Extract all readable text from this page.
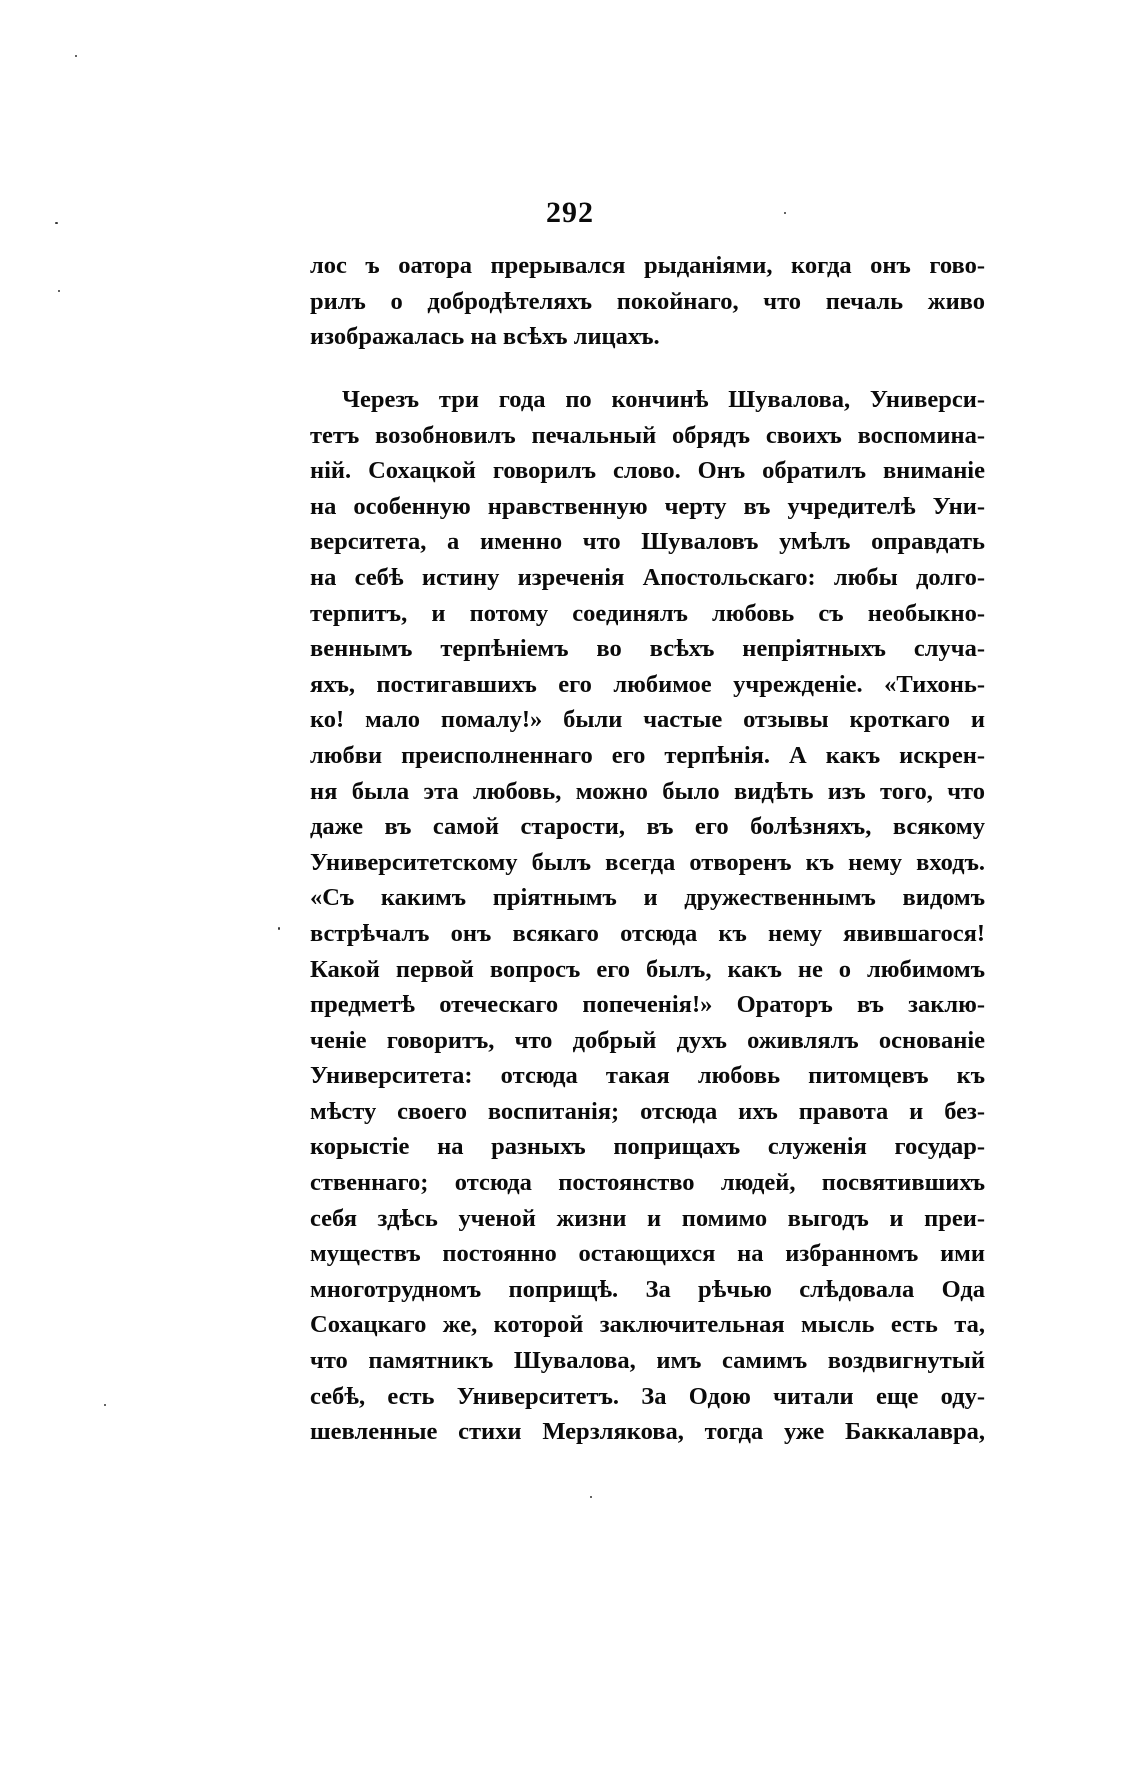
292
лос ъ оатора прерывался рыданіями, когда онъ гово-
рилъ о добродѣтеляхъ покойнаго, что печаль живо
изображалась на всѣхъ лицахъ.
Черезъ три года по кончинѣ Шувалова, Универси-
тетъ возобновилъ печальный обрядъ своихъ воспомина-
ній. Сохацкой говорилъ слово. Онъ обратилъ вниманіе
на особенную нравственную черту въ учредителѣ Уни-
верситета, а именно что Шуваловъ умѣлъ оправдать
на себѣ истину изреченія Апостольскаго: любы долго-
терпитъ, и потому соединялъ любовь съ необыкно-
веннымъ терпѣніемъ во всѣхъ непріятныхъ случа-
яхъ, постигавшихъ его любимое учрежденіе. «Тихонь-
ко! мало помалу!» были частые отзывы кроткаго и
любви преисполненнаго его терпѣнія. А какъ искрен-
ня была эта любовь, можно было видѣть изъ того, что
даже въ самой старости, въ его болѣзняхъ, всякому
Университетскому былъ всегда отворенъ къ нему входъ.
«Съ какимъ пріятнымъ и дружественнымъ видомъ
встрѣчалъ онъ всякаго отсюда къ нему явившагося!
Какой первой вопросъ его былъ, какъ не о любимомъ
предметѣ отеческаго попеченія!» Ораторъ въ заклю-
ченіе говоритъ, что добрый духъ оживлялъ основаніе
Университета: отсюда такая любовь питомцевъ къ
мѣсту своего воспитанія; отсюда ихъ правота и без-
корыстіе на разныхъ поприщахъ служенія государ-
ственнаго; отсюда постоянство людей, посвятившихъ
себя здѣсь ученой жизни и помимо выгодъ и преи-
муществъ постоянно остающихся на избранномъ ими
многотрудномъ поприщѣ. За рѣчью слѣдовала Ода
Сохацкаго же, которой заключительная мысль есть та,
что памятникъ Шувалова, имъ самимъ воздвигнутый
себѣ, есть Университетъ. За Одою читали еще оду-
шевленные стихи Мерзлякова, тогда уже Баккалавра,
